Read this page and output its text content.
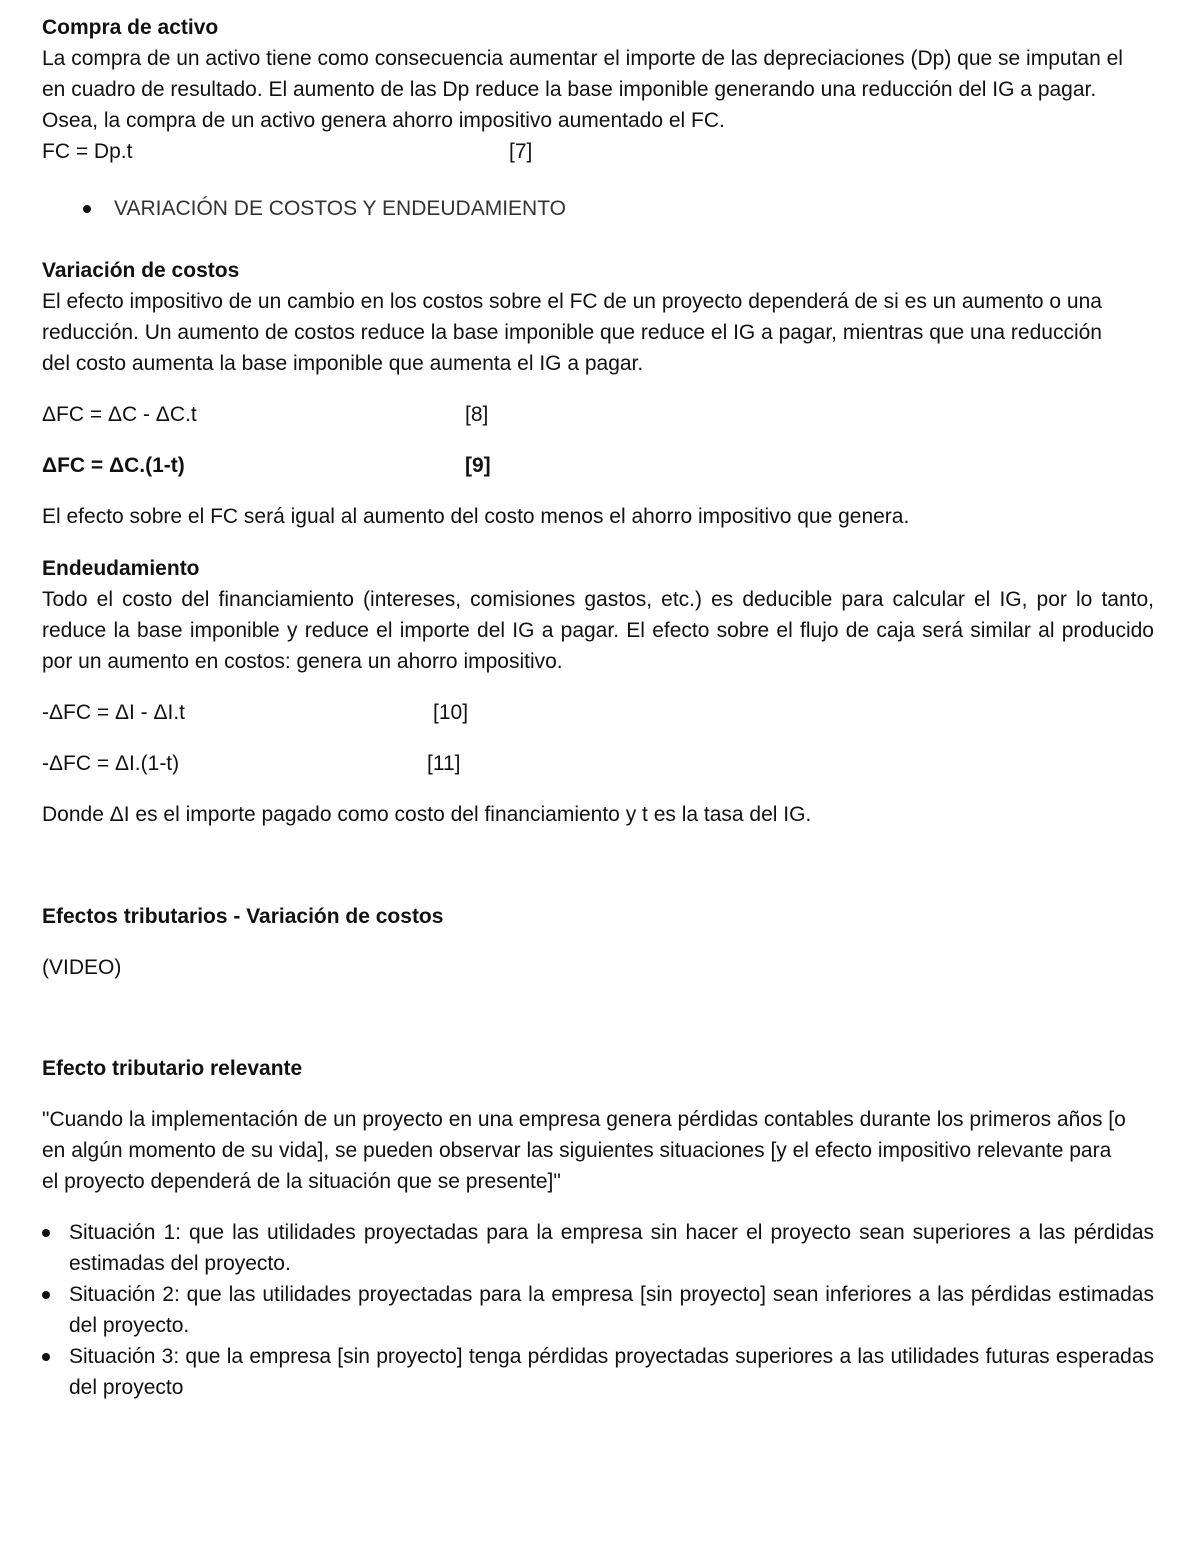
Compra de activo

La compra de un activo tiene como consecuencia aumentar el importe de las depreciaciones (Dp) que se imputan el en cuadro de resultado. El aumento de las Dp reduce la base imponible generando una reducción del IG a pagar. Osea, la compra de un activo genera ahorro impositivo aumentado el FC.

FC = Dp.t	[7]
VARIACIÓN DE COSTOS Y ENDEUDAMIENTO

Variación de costos

El efecto impositivo de un cambio en los costos sobre el FC de un proyecto dependerá de si es un aumento o una reducción. Un aumento de costos reduce la base imponible que reduce el IG a pagar, mientras que una reducción del costo aumenta la base imponible que aumenta el IG a pagar.

ΔFC = ΔC - ΔC.t	[8]
ΔFC = ΔC.(1-t)	[9]

El efecto sobre el FC será igual al aumento del costo menos el ahorro impositivo que genera.

Endeudamiento

Todo el costo del financiamiento (intereses, comisiones gastos, etc.) es deducible para calcular el IG, por lo tanto, reduce la base imponible y reduce el importe del IG a pagar. El efecto sobre el flujo de caja será similar al producido por un aumento en costos: genera un ahorro impositivo.

-ΔFC = ΔI - ΔI.t	[10]
-ΔFC = ΔI.(1-t)	[11]

Donde ΔI es el importe pagado como costo del financiamiento y t es la tasa del IG.

Efectos tributarios - Variación de costos

(VIDEO)

Efecto tributario relevante

"Cuando la implementación de un proyecto en una empresa genera pérdidas contables durante los primeros años [o en algún momento de su vida], se pueden observar las siguientes situaciones [y el efecto impositivo relevante para el proyecto dependerá de la situación que se presente]"

Situación 1: que las utilidades proyectadas para la empresa sin hacer el proyecto sean superiores a las pérdidas estimadas del proyecto.
Situación 2: que las utilidades proyectadas para la empresa [sin proyecto] sean inferiores a las pérdidas estimadas del proyecto.
Situación 3: que la empresa [sin proyecto] tenga pérdidas proyectadas superiores a las utilidades futuras esperadas del proyecto
